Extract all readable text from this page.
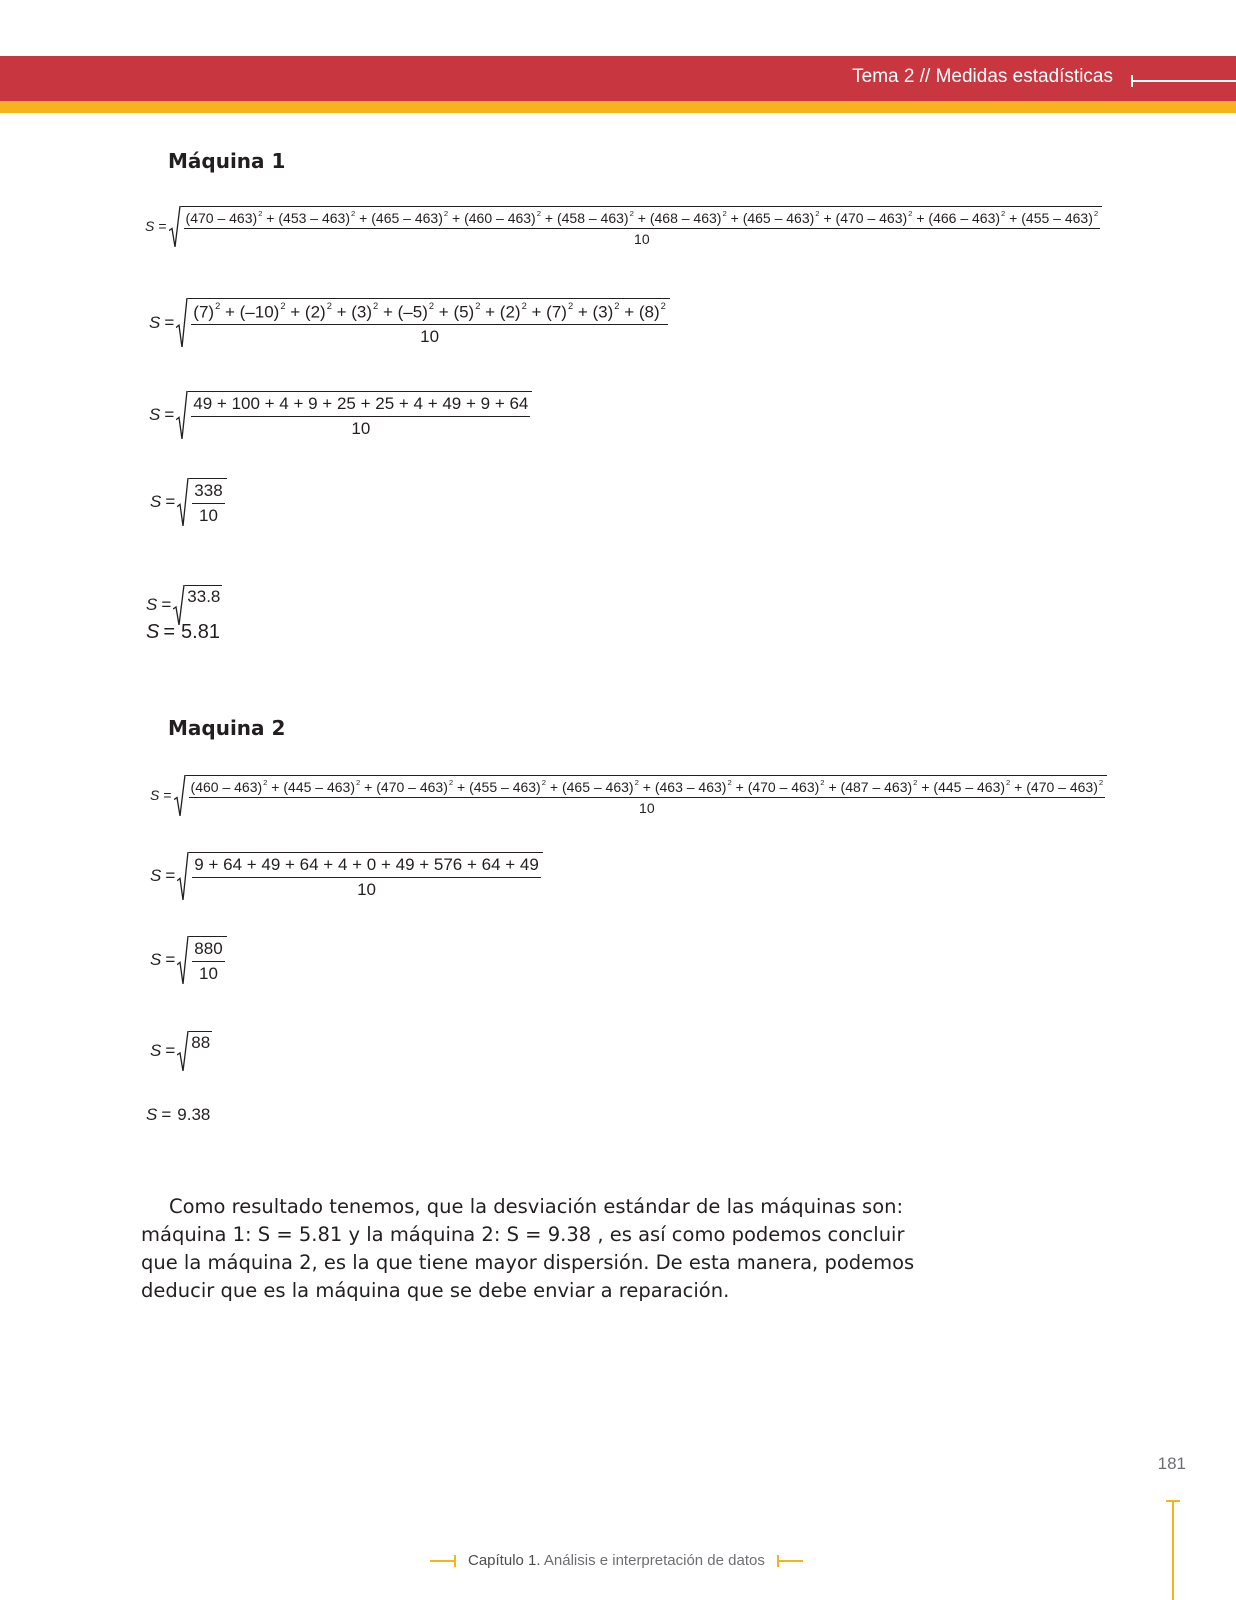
Tema 2 // Medidas estadísticas
Máquina 1
S =
(470 – 463)$^2$ + (453 – 463)$^2$ + (465 – 463)$^2$ + (460 – 463)$^2$ + (458 – 463)$^2$ + (468 – 463)$^2$ + (465 – 463)$^2$ + (470 – 463)$^2$ + (466 – 463)$^2$ + (455 – 463)$^2$
10
S =
$(7)^2 + (-10)^2 + (2)^2 + (3)^2 + (-5)^2 + (5)^2 + (2)^2 + (7)^2 + (3)^2 + (8)^2$
10
$S = \frac{49 + 100 + 4 + 9 + 25 + 25 + 4 + 49 + 9 + 64}{10}$
$S = \frac{338}{10}$
S = 33.8
S = 5.81
Maquina 2
S =
(460 – 463)$^2$ + (445 – 463)$^2$ + (470 – 463)$^2$ + (455 – 463)$^2$ + (465 – 463)$^2$ + (463 – 463)$^2$ + (470 – 463)$^2$ + (487 – 463)$^2$ + (445 – 463)$^2$ + (470 – 463)$^2$
10
$S = \frac{9 + 64 + 49 + 64 + 4 + 0 + 49 + 576 + 64 + 49}{10}$
$S = \frac{880}{10}$
S = 88
S = 9.38

Como resultado tenemos, que la desviación estándar de las máquinas son:

máquina 1: S = 5.81 y la máquina 2: S = 9.38 , es así como podemos concluir

que la máquina 2, es la que tiene mayor dispersión. De esta manera, podemos

deducir que es la máquina que se debe enviar a reparación.

181
Capítulo 1. Análisis e interpretación de datos
